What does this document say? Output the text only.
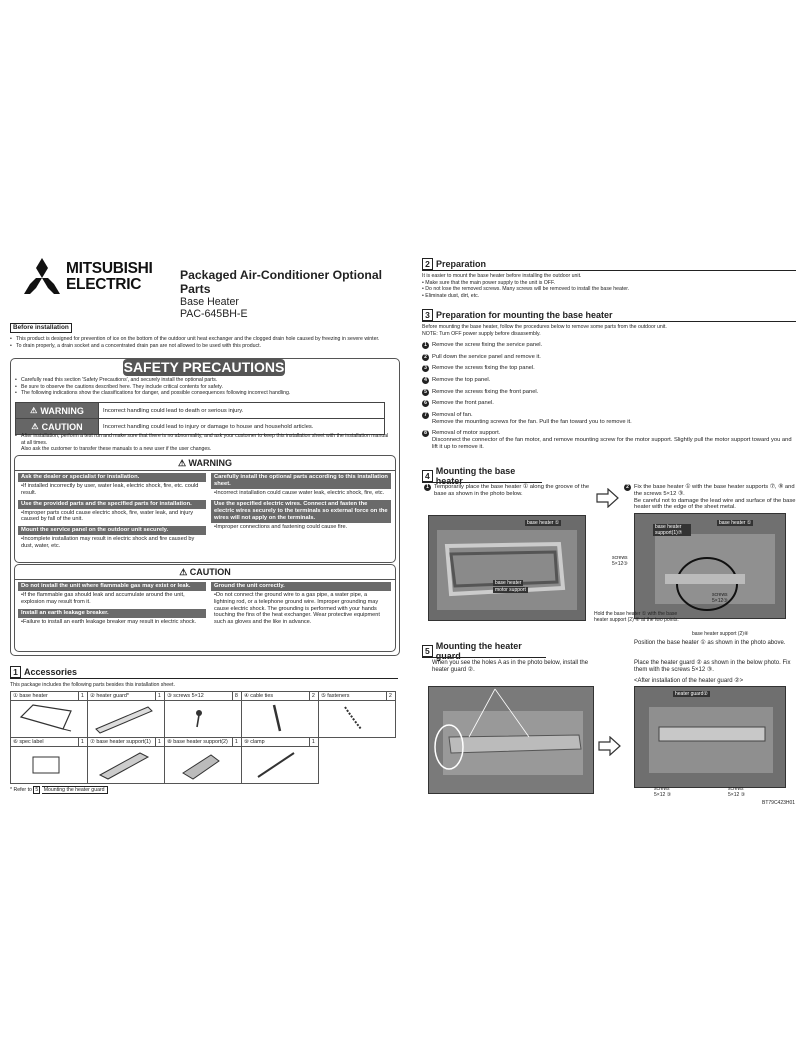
MITSUBISHI
ELECTRIC
Packaged Air-Conditioner Optional Parts
Base Heater
PAC-645BH-E
Before installation
• This product is designed for prevention of ice on the bottom of the outdoor unit heat exchanger and the clogged drain hole caused by freezing in severe winter.
• To drain properly, a drain socket and a concentrated drain pan are not allowed to be used with this product.
SAFETY PRECAUTIONS
• Carefully read this section 'Safety Precautions', and securely install the optional parts.
• Be sure to observe the cautions described here. They include critical contents for safety.
• The following indications show the classifications for danger, and possible consequences following incorrect handling.
⚠ WARNING	Incorrect handling could lead to death or serious injury.
⚠ CAUTION	Incorrect handling could lead to injury or damage to house and household articles.
• After installation, perform a test run and make sure that there is no abnormality, and ask your customer to keep this installation sheet with the installation manual at all times.
Also ask the customer to transfer these manuals to a new user if the user changes.
⚠ WARNING
Ask the dealer or specialist for installation.
•If installed incorrectly by user, water leak, electric shock, fire, etc. could result.
Use the provided parts and the specified parts for installation.
•Improper parts could cause electric shock, fire, water leak, and injury caused by fall of the unit.
Mount the service panel on the outdoor unit securely.
•Incomplete installation may result in electric shock and fire caused by dust, water, etc.
Carefully install the optional parts according to this installation sheet.
•Incorrect installation could cause water leak, electric shock, fire, etc.
Use the specified electric wires. Connect and fasten the electric wires securely to the terminals so external force on the wires will not apply on the terminals.
•Improper connections and fastening could cause fire.
⚠ CAUTION
Do not install the unit where flammable gas may exist or leak.
•If the flammable gas should leak and accumulate around the unit, explosion may result from it.
Install an earth leakage breaker.
•Failure to install an earth leakage breaker may result in electric shock.
Ground the unit correctly.
•Do not connect the ground wire to a gas pipe, a water pipe, a lightning rod, or a telephone ground wire. Improper grounding may cause electric shock. The grounding is performed with your hands touching the fins of the heat exchanger. Wear protective equipment such as gloves and the like in advance.
1 Accessories
This package includes the following parts besides this installation sheet.
① base heater	1	② heater guard*	1	③ screws 5×12	8	④ cable ties	2	⑤ fasteners	2

⑥ spec label	1	⑦ base heater support(1)	1	⑧ base heater support(2)	1	⑨ clamp	1		

* Refer to 5 Mounting the heater guard
2 Preparation
It is easier to mount the base heater before installing the outdoor unit.
• Make sure that the main power supply to the unit is OFF.
• Do not lose the removed screws. Many screws will be removed to install the base heater.
• Eliminate dust, dirt, etc.
3 Preparation for mounting the base heater
Before mounting the base heater, follow the procedures below to remove some parts from the outdoor unit.
NOTE: Turn OFF power supply before disassembly.
1 Remove the screw fixing the service panel.
2 Pull down the service panel and remove it.
3 Remove the screws fixing the top panel.
4 Remove the top panel.
5 Remove the screws fixing the front panel.
6 Remove the front panel.
7 Removal of fan.
Remove the mounting screws for the fan. Pull the fan toward you to remove it.
8 Removal of motor support.
Disconnect the connector of the fan motor, and remove mounting screw for the motor support. Slightly pull the motor support toward you and lift it up to remove it.
4 Mounting the base heater
1 Temporarily place the base heater ① along the groove of the base as shown in the photo below.
2 Fix the base heater ① with the base heater supports ⑦, ⑧ and the screws 5×12 ③.
Be careful not to damage the lead wire and surface of the base heater with the edge of the sheet metal.
base heater ①
base heater
motor support
base heater support(1)⑦
base heater ①
screws 5×12③
screws 5×12③
base heater support (2)⑧
Hold the base heater ① with the base heater support (2) ⑧ at the two points.
Position the base heater ① as shown in the photo above.
5 Mounting the heater guard
When you see the holes A as in the photo below, install the heater guard ②.
Place the heater guard ② as shown in the below photo. Fix them with the screws 5×12 ③.
<After installation of the heater guard ②>
heater guard②
screws 5×12 ③
screws 5×12 ③
BT79C423H01
